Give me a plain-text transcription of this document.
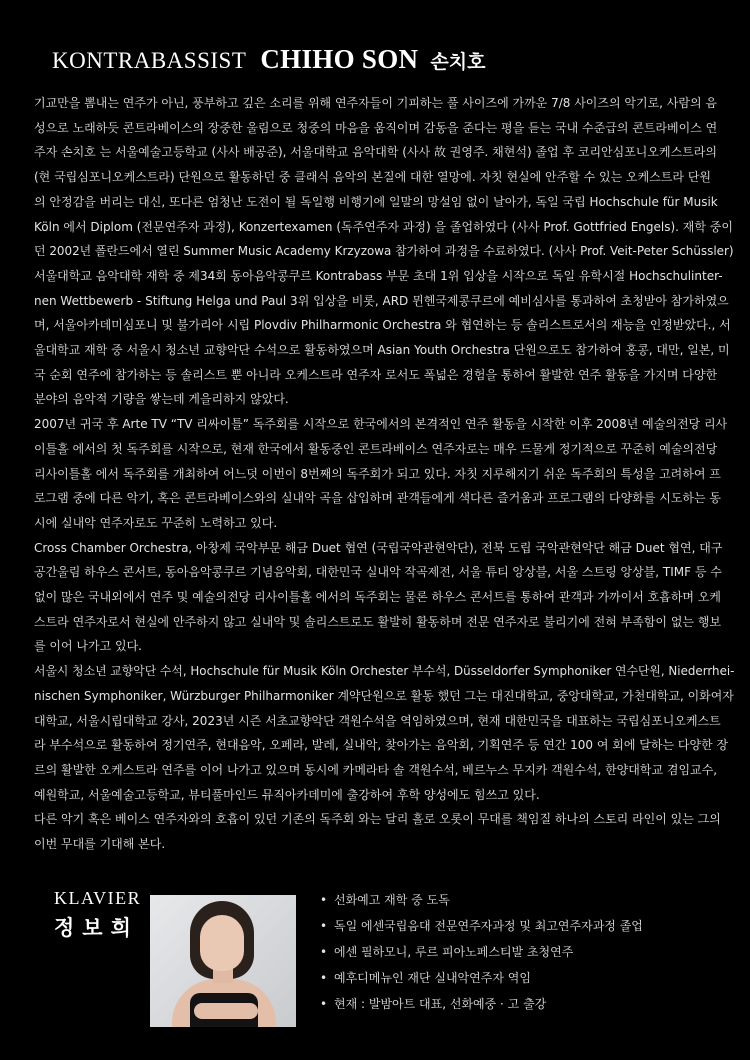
KONTRABASSIST CHIHO SON 손치호
기교만을 뽐내는 연주가 아닌, 풍부하고 깊은 소리를 위해 연주자들이 기피하는 풀 사이즈에 가까운 7/8 사이즈의 악기로, 사람의 음
성으로 노래하듯 콘트라베이스의 장중한 울림으로 청중의 마음을 움직이며 감동을 준다는 평을 듣는 국내 수준급의 콘트라베이스 연
주자 손치호 는 서울예술고등학교 (사사 배공준), 서울대학교 음악대학 (사사 故 권영주. 채현석) 졸업 후 코리안심포니오케스트라의
(현 국립심포니오케스트라) 단원으로 활동하던 중 클래식 음악의 본질에 대한 열망에. 자칫 현실에 안주할 수 있는 오케스트라 단원
의 안정감을 버리는 대신, 또다른 엄청난 도전이 될 독일행 비행기에 일말의 망설임 없이 날아가, 독일 국립 Hochschule für Musik
Köln 에서 Diplom (전문연주자 과정), Konzertexamen (독주연주자 과정) 을 졸업하였다 (사사 Prof. Gottfried Engels). 재학 중이
던 2002년 폴란드에서 열린 Summer Music Academy Krzyzowa 참가하여 과정을 수료하였다. (사사 Prof. Veit-Peter Schüssler)
서울대학교 음악대학 재학 중 제34회 동아음악콩쿠르 Kontrabass 부문 초대 1위 입상을 시작으로 독일 유학시절 Hochschulinter-
nen Wettbewerb - Stiftung Helga und Paul 3위 입상을 비롯, ARD 뮌헨국제콩쿠르에 예비심사를 통과하여 초청받아 참가하였으
며, 서울아카데미심포니 및 불가리아 시립 Plovdiv Philharmonic Orchestra 와 협연하는 등 솔리스트로서의 재능을 인정받았다., 서
울대학교 재학 중 서울시 청소년 교향악단 수석으로 활동하였으며 Asian Youth Orchestra 단원으로도 참가하여 홍콩, 대만, 일본, 미
국 순회 연주에 참가하는 등 솔리스트 뿐 아니라 오케스트라 연주자 로서도 폭넓은 경험을 통하여 활발한 연주 활동을 가지며 다양한
분야의 음악적 기량을 쌓는데 게을리하지 않았다.
2007년 귀국 후 Arte TV “TV 리싸이틀” 독주회를 시작으로 한국에서의 본격적인 연주 활동을 시작한 이후 2008년 예술의전당 리사
이틀홀 에서의 첫 독주회를 시작으로, 현재 한국에서 활동중인 콘트라베이스 연주자로는 매우 드물게 정기적으로 꾸준히 예술의전당
리사이틀홀 에서 독주회를 개최하여 어느덧 이번이 8번째의 독주회가 되고 있다. 자칫 지루해지기 쉬운 독주회의 특성을 고려하여 프
로그램 중에 다른 악기, 혹은 콘트라베이스와의 실내악 곡을 삽입하며 관객들에게 색다른 즐거움과 프로그램의 다양화를 시도하는 동
시에 실내악 연주자로도 꾸준히 노력하고 있다.
Cross Chamber Orchestra, 아창제 국악부문 해금 Duet 협연 (국립국악관현악단), 전북 도립 국악관현악단 해금 Duet 협연, 대구
공간울림 하우스 콘서트, 동아음악콩쿠르 기념음악회, 대한민국 실내악 작곡제전, 서울 튜티 앙상블, 서울 스트링 앙상블, TIMF 등 수
없이 많은 국내외에서 연주 및 예술의전당 리사이틀홀 에서의 독주회는 물론 하우스 콘서트를 통하여 관객과 가까이서 호흡하며 오케
스트라 연주자로서 현실에 안주하지 않고 실내악 및 솔리스트로도 활발히 활동하며 전문 연주자로 불리기에 전혀 부족함이 없는 행보
를 이어 나가고 있다.
서울시 청소년 교향악단 수석, Hochschule für Musik Köln Orchester 부수석, Düsseldorfer Symphoniker 연수단원, Niederrhei-
nischen Symphoniker, Würzburger Philharmoniker 계약단원으로 활동 했던 그는 대진대학교, 중앙대학교, 가천대학교, 이화여자
대학교, 서울시립대학교 강사, 2023년 시즌 서초교향악단 객원수석을 역임하였으며, 현재 대한민국을 대표하는 국립심포니오케스트
라 부수석으로 활동하여 정기연주, 현대음악, 오페라, 발레, 실내악, 찾아가는 음악회, 기획연주 등 연간 100 여 회에 달하는 다양한 장
르의 활발한 오케스트라 연주를 이어 나가고 있으며 동시에 카메라타 솔 객원수석, 베르누스 무지카 객원수석, 한양대학교 겸임교수,
예원학교, 서울예술고등학교, 뷰티풀마인드 뮤직아카데미에 출강하여 후학 양성에도 힘쓰고 있다.
다른 악기 혹은 베이스 연주자와의 호흡이 있던 기존의 독주회 와는 달리 홀로 오롯이 무대를 책임질 하나의 스토리 라인이 있는 그의
이번 무대를 기대해 본다.
KLAVIER
정보희
• 선화예고 재학 중 도독
• 독일 에센국립음대 전문연주자과정 및 최고연주자과정 졸업
• 에센 필하모니, 루르 피아노페스티발 초청연주
• 예후디메뉴인 재단 실내악연주자 역임
• 현재 : 발밤아트 대표, 선화예중 · 고 출강
